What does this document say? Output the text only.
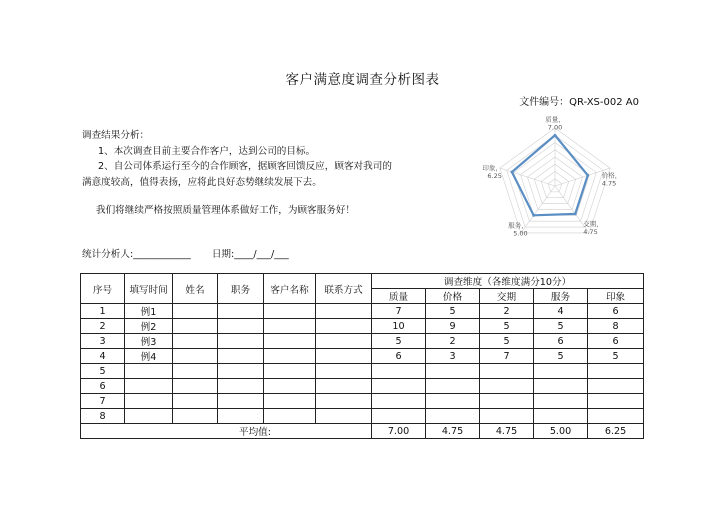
客户满意度调查分析图表
文件编号：QR-XS-002 A0

调查结果分析：

1、本次调查目前主要合作客户，达到公司的目标。

2、自公司体系运行至今的合作顾客，据顾客回馈反应，顾客对我司的

满意度较高，值得表扬，应将此良好态势继续发展下去。

我们将继续严格按照质量管理体系做好工作，为顾客服务好！

统计分析人:____________ 日期:____/___/___
质量，
7.00
价格，
4.75
交期，
4.75
服务，
5.00
印象，
6.25
序号	填写时间	姓名	职务	客户名称	联系方式	调查维度（各维度满分10分）				
						质量	价格	交期	服务	印象
1	例1					7	5	2	4	6
2	例2					10	9	5	5	8
3	例3					5	2	5	6	6
4	例4					6	3	7	5	5
5										
6										
7										
8										
平均值:						7.00	4.75	4.75	5.00	6.25
